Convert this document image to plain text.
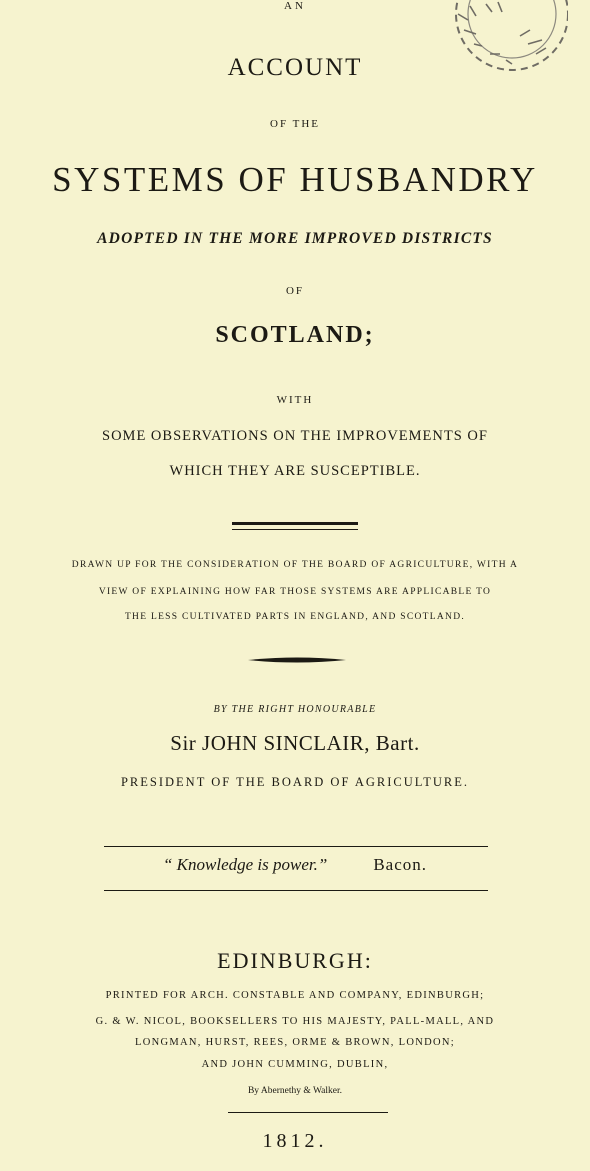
AN
ACCOUNT
OF THE
SYSTEMS OF HUSBANDRY
ADOPTED IN THE MORE IMPROVED DISTRICTS
OF
SCOTLAND;
WITH
SOME OBSERVATIONS ON THE IMPROVEMENTS OF
WHICH THEY ARE SUSCEPTIBLE.
DRAWN UP FOR THE CONSIDERATION OF THE BOARD OF AGRICULTURE, WITH A
VIEW OF EXPLAINING HOW FAR THOSE SYSTEMS ARE APPLICABLE TO
THE LESS CULTIVATED PARTS IN ENGLAND, AND SCOTLAND.
BY THE RIGHT HONOURABLE
Sir JOHN SINCLAIR, Bart.
PRESIDENT OF THE BOARD OF AGRICULTURE.
“ Knowledge is power.”	Bacon.
EDINBURGH:
PRINTED FOR ARCH. CONSTABLE AND COMPANY, EDINBURGH;
G. & W. NICOL, BOOKSELLERS TO HIS MAJESTY, PALL-MALL, AND
LONGMAN, HURST, REES, ORME & BROWN, LONDON;
AND JOHN CUMMING, DUBLIN,
By Abernethy & Walker.
1812.
